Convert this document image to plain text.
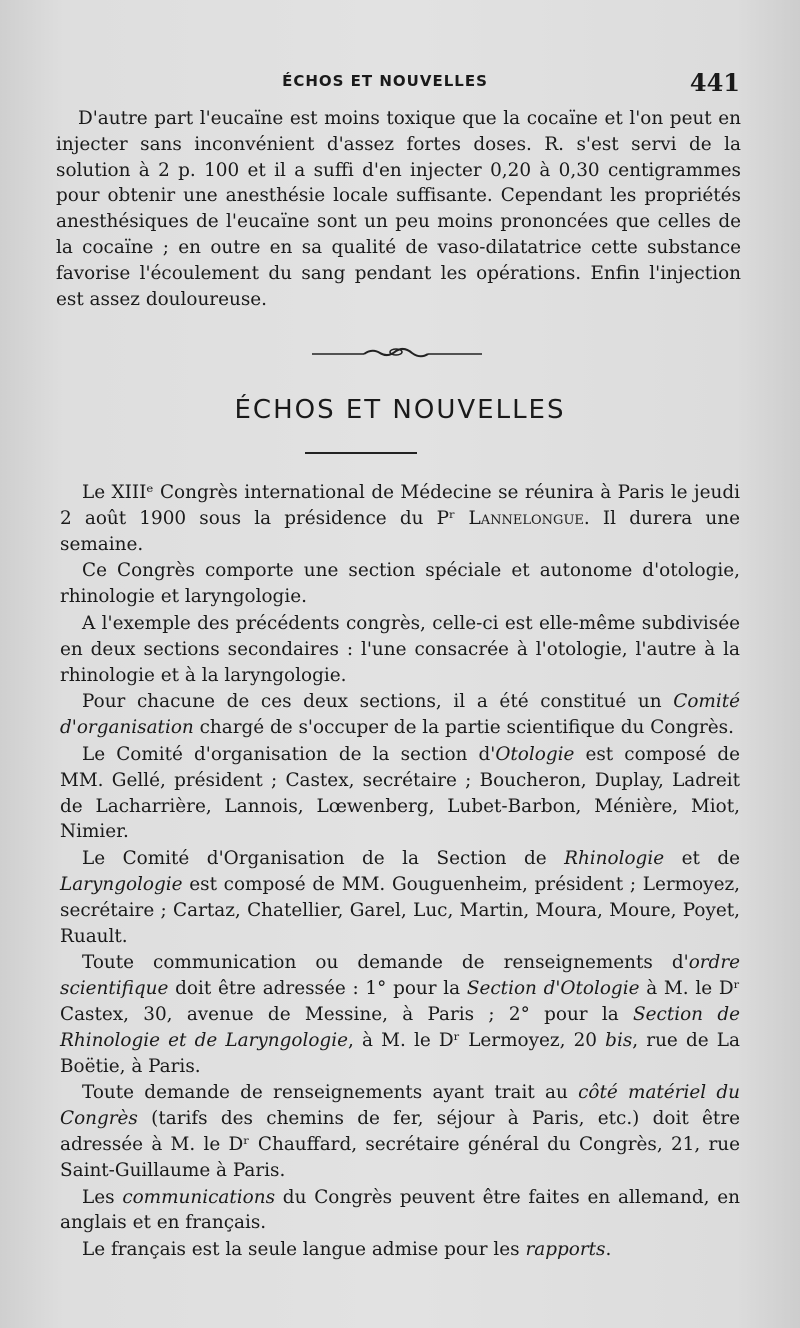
ÉCHOS ET NOUVELLES	441

D'autre part l'eucaïne est moins toxique que la cocaïne et l'on peut en injecter sans inconvénient d'assez fortes doses. R. s'est servi de la solution à 2 p. 100 et il a suffi d'en injecter 0,20 à 0,30 centigrammes pour obtenir une anesthésie locale suffisante. Cependant les propriétés anesthésiques de l'eucaïne sont un peu moins prononcées que celles de la cocaïne ; en outre en sa qualité de vaso-dilatatrice cette substance favorise l'écoulement du sang pendant les opérations. Enfin l'injection est assez douloureuse.

ÉCHOS ET NOUVELLES

Le XIIIᵉ Congrès international de Médecine se réunira à Paris le jeudi 2 août 1900 sous la présidence du Pʳ Lannelongue. Il durera une semaine.

Ce Congrès comporte une section spéciale et autonome d'otologie, rhinologie et laryngologie.

A l'exemple des précédents congrès, celle-ci est elle-même subdivisée en deux sections secondaires : l'une consacrée à l'otologie, l'autre à la rhinologie et à la laryngologie.

Pour chacune de ces deux sections, il a été constitué un Comité d'organisation chargé de s'occuper de la partie scientifique du Congrès.

Le Comité d'organisation de la section d'Otologie est composé de MM. Gellé, président ; Castex, secrétaire ; Boucheron, Duplay, Ladreit de Lacharrière, Lannois, Lœwenberg, Lubet-Barbon, Ménière, Miot, Nimier.

Le Comité d'Organisation de la Section de Rhinologie et de Laryngologie est composé de MM. Gouguenheim, président ; Lermoyez, secrétaire ; Cartaz, Chatellier, Garel, Luc, Martin, Moura, Moure, Poyet, Ruault.

Toute communication ou demande de renseignements d'ordre scientifique doit être adressée : 1° pour la Section d'Otologie à M. le Dʳ Castex, 30, avenue de Messine, à Paris ; 2° pour la Section de Rhinologie et de Laryngologie, à M. le Dʳ Lermoyez, 20 bis, rue de La Boëtie, à Paris.

Toute demande de renseignements ayant trait au côté matériel du Congrès (tarifs des chemins de fer, séjour à Paris, etc.) doit être adressée à M. le Dʳ Chauffard, secrétaire général du Congrès, 21, rue Saint-Guillaume à Paris.

Les communications du Congrès peuvent être faites en allemand, en anglais et en français.

Le français est la seule langue admise pour les rapports.
